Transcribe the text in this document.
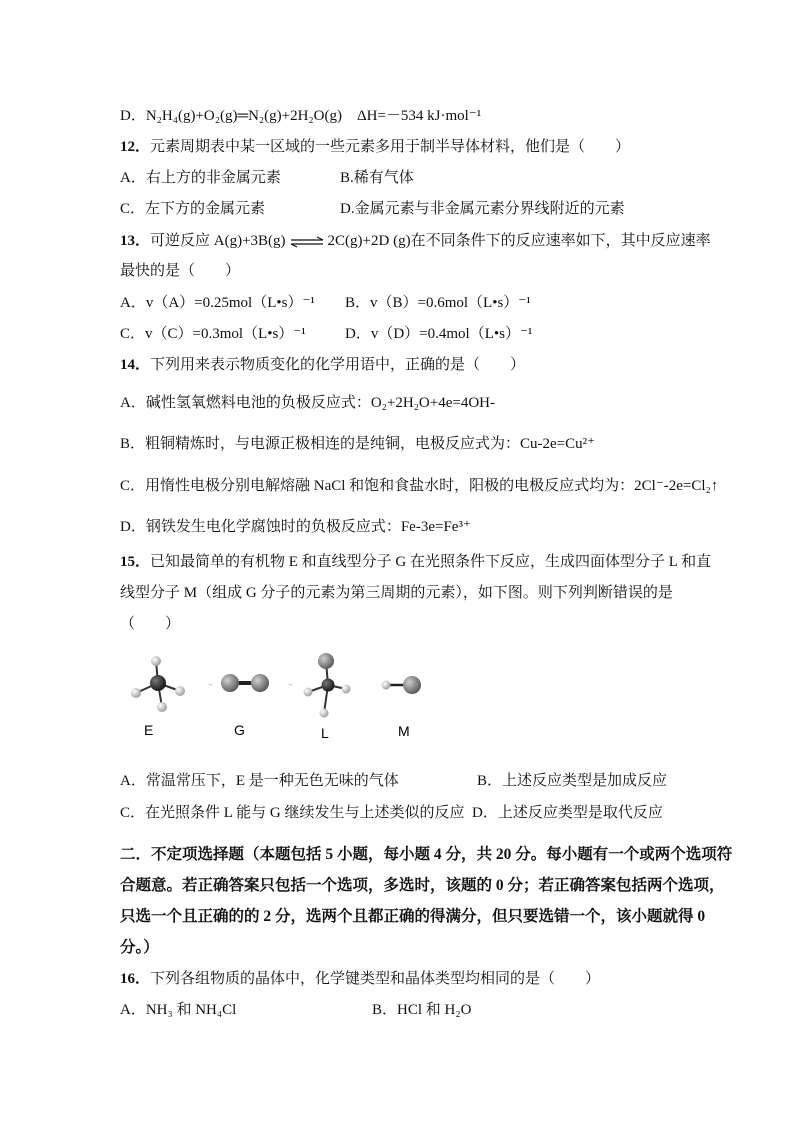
D．N₂H₄(g)+O₂(g)═N₂(g)+2H₂O(g)　ΔH=－534 kJ·mol⁻¹
12．元素周期表中某一区域的一些元素多用于制半导体材料，他们是（　　）
A．右上方的非金属元素	B.稀有气体
C．左下方的金属元素	D.金属元素与非金属元素分界线附近的元素
13．可逆反应 A(g)+3B(g) ⇌ 2C(g)+2D (g)在不同条件下的反应速率如下，其中反应速率
最快的是（　　）
A．v（A）=0.25mol（L•s）⁻¹ B．v（B）=0.6mol（L•s）⁻¹
C．v（C）=0.3mol（L•s）⁻¹	D．v（D）=0.4mol（L•s）⁻¹
14．下列用来表示物质变化的化学用语中，正确的是（　　）
A．碱性氢氧燃料电池的负极反应式：O₂+2H₂O+4e=4OH-
B．粗铜精炼时，与电源正极相连的是纯铜，电极反应式为：Cu-2e=Cu²⁺
C．用惰性电极分别电解熔融 NaCl 和饱和食盐水时，阳极的电极反应式均为：2Cl⁻-2e=Cl₂↑
D．钢铁发生电化学腐蚀时的负极反应式：Fe-3e=Fe³⁺
15．已知最简单的有机物 E 和直线型分子 G 在光照条件下反应，生成四面体型分子 L 和直
线型分子 M（组成 G 分子的元素为第三周期的元素），如下图。则下列判断错误的是
（　　）
→	→
E	G	L	M
A．常温常压下，E 是一种无色无味的气体	B．上述反应类型是加成反应
C．在光照条件 L 能与 G 继续发生与上述类似的反应 D．上述反应类型是取代反应
二．不定项选择题（本题包括 5 小题，每小题 4 分，共 20 分。每小题有一个或两个选项符
合题意。若正确答案只包括一个选项，多选时，该题的 0 分；若正确答案包括两个选项，
只选一个且正确的的 2 分，选两个且都正确的得满分，但只要选错一个，该小题就得 0
分。）
16．下列各组物质的晶体中，化学键类型和晶体类型均相同的是（　　）
A．NH₃ 和 NH₄Cl	B．HCl 和 H₂O
